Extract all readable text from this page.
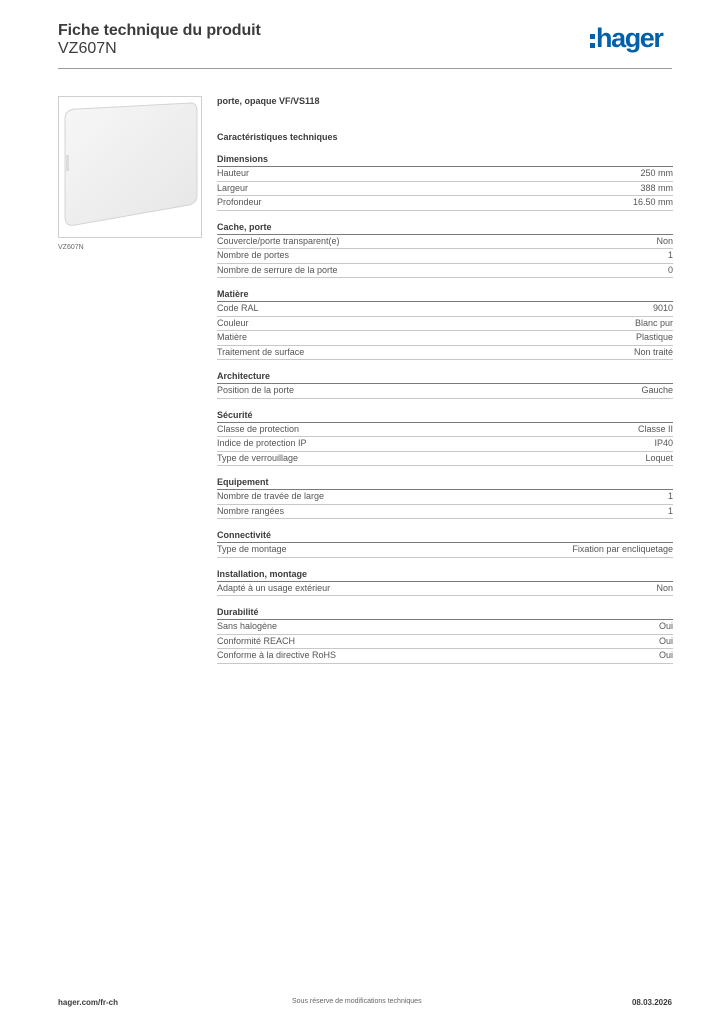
Fiche technique du produit
VZ607N	hager
VZ607N
porte, opaque VF/VS118
Caractéristiques techniques
Dimensions
Hauteur	250 mm
Largeur	388 mm
Profondeur	16.50 mm
Cache, porte
Couvercle/porte transparent(e)	Non
Nombre de portes	1
Nombre de serrure de la porte	0
Matière
Code RAL	9010
Couleur	Blanc pur
Matière	Plastique
Traitement de surface	Non traité
Architecture
Position de la porte	Gauche
Sécurité
Classe de protection	Classe II
Indice de protection IP	IP40
Type de verrouillage	Loquet
Equipement
Nombre de travée de large	1
Nombre rangées	1
Connectivité
Type de montage	Fixation par encliquetage
Installation, montage
Adapté à un usage extérieur	Non
Durabilité
Sans halogène	Oui
Conformité REACH	Oui
Conforme à la directive RoHS	Oui
hager.com/fr-ch	Sous réserve de modifications techniques	08.03.2026
